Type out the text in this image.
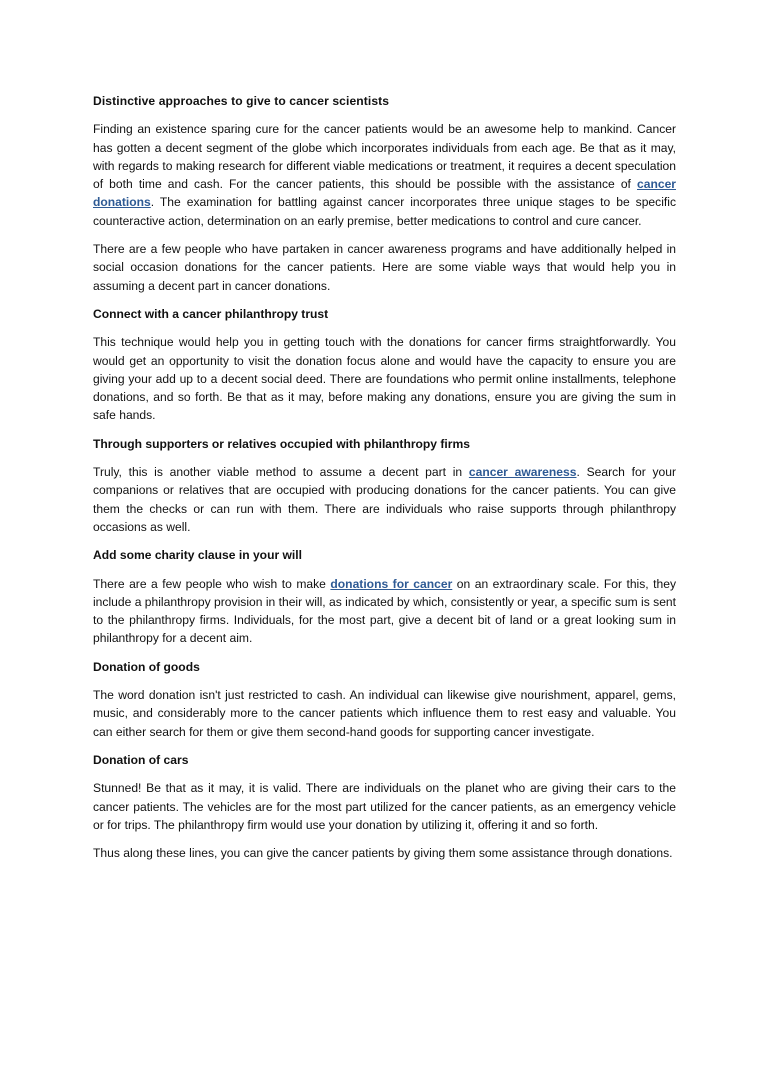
Distinctive approaches to give to cancer scientists

Finding an existence sparing cure for the cancer patients would be an awesome help to mankind. Cancer has gotten a decent segment of the globe which incorporates individuals from each age. Be that as it may, with regards to making research for different viable medications or treatment, it requires a decent speculation of both time and cash. For the cancer patients, this should be possible with the assistance of cancer donations. The examination for battling against cancer incorporates three unique stages to be specific counteractive action, determination on an early premise, better medications to control and cure cancer.

There are a few people who have partaken in cancer awareness programs and have additionally helped in social occasion donations for the cancer patients. Here are some viable ways that would help you in assuming a decent part in cancer donations.

Connect with a cancer philanthropy trust

This technique would help you in getting touch with the donations for cancer firms straightforwardly. You would get an opportunity to visit the donation focus alone and would have the capacity to ensure you are giving your add up to a decent social deed. There are foundations who permit online installments, telephone donations, and so forth. Be that as it may, before making any donations, ensure you are giving the sum in safe hands.

Through supporters or relatives occupied with philanthropy firms

Truly, this is another viable method to assume a decent part in cancer awareness. Search for your companions or relatives that are occupied with producing donations for the cancer patients. You can give them the checks or can run with them. There are individuals who raise supports through philanthropy occasions as well.

Add some charity clause in your will

There are a few people who wish to make donations for cancer on an extraordinary scale. For this, they include a philanthropy provision in their will, as indicated by which, consistently or year, a specific sum is sent to the philanthropy firms. Individuals, for the most part, give a decent bit of land or a great looking sum in philanthropy for a decent aim.

Donation of goods

The word donation isn't just restricted to cash. An individual can likewise give nourishment, apparel, gems, music, and considerably more to the cancer patients which influence them to rest easy and valuable. You can either search for them or give them second-hand goods for supporting cancer investigate.

Donation of cars

Stunned! Be that as it may, it is valid. There are individuals on the planet who are giving their cars to the cancer patients. The vehicles are for the most part utilized for the cancer patients, as an emergency vehicle or for trips. The philanthropy firm would use your donation by utilizing it, offering it and so forth.

Thus along these lines, you can give the cancer patients by giving them some assistance through donations.
